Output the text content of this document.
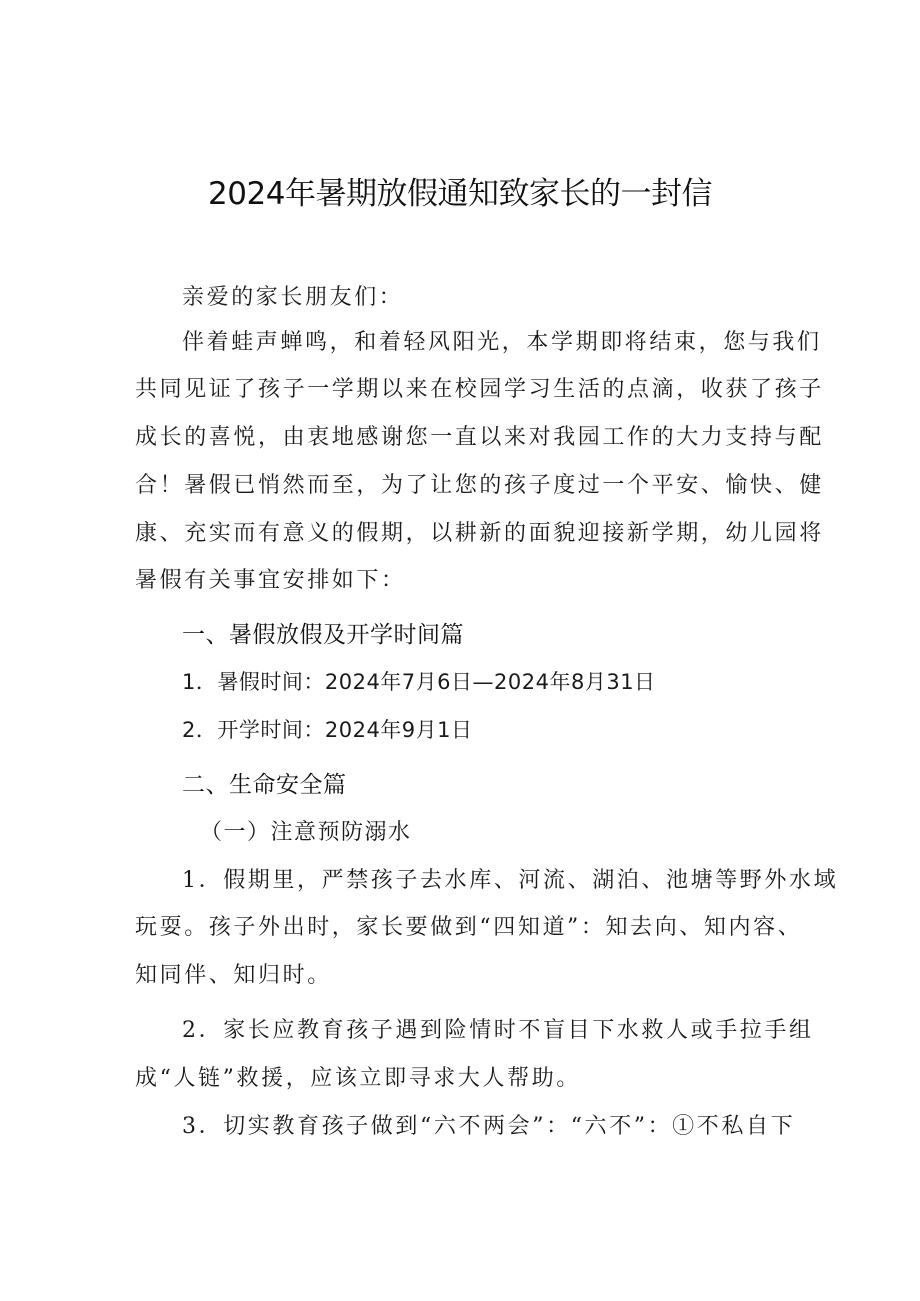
2024年暑期放假通知致家长的一封信
亲爱的家长朋友们：
伴着蛙声蝉鸣，和着轻风阳光，本学期即将结束，您与我们
共同见证了孩子一学期以来在校园学习生活的点滴，收获了孩子
成长的喜悦，由衷地感谢您一直以来对我园工作的大力支持与配
合！暑假已悄然而至，为了让您的孩子度过一个平安、愉快、健
康、充实而有意义的假期，以耕新的面貌迎接新学期，幼儿园将
暑假有关事宜安排如下：
一、暑假放假及开学时间篇
1．暑假时间：2024年7月6日—2024年8月31日
2．开学时间：2024年9月1日
二、生命安全篇
（一）注意预防溺水
1．假期里，严禁孩子去水库、河流、湖泊、池塘等野外水域
玩耍。孩子外出时，家长要做到“四知道”：知去向、知内容、
知同伴、知归时。
2．家长应教育孩子遇到险情时不盲目下水救人或手拉手组
成“人链”救援，应该立即寻求大人帮助。
3．切实教育孩子做到“六不两会”：“六不”：①不私自下
